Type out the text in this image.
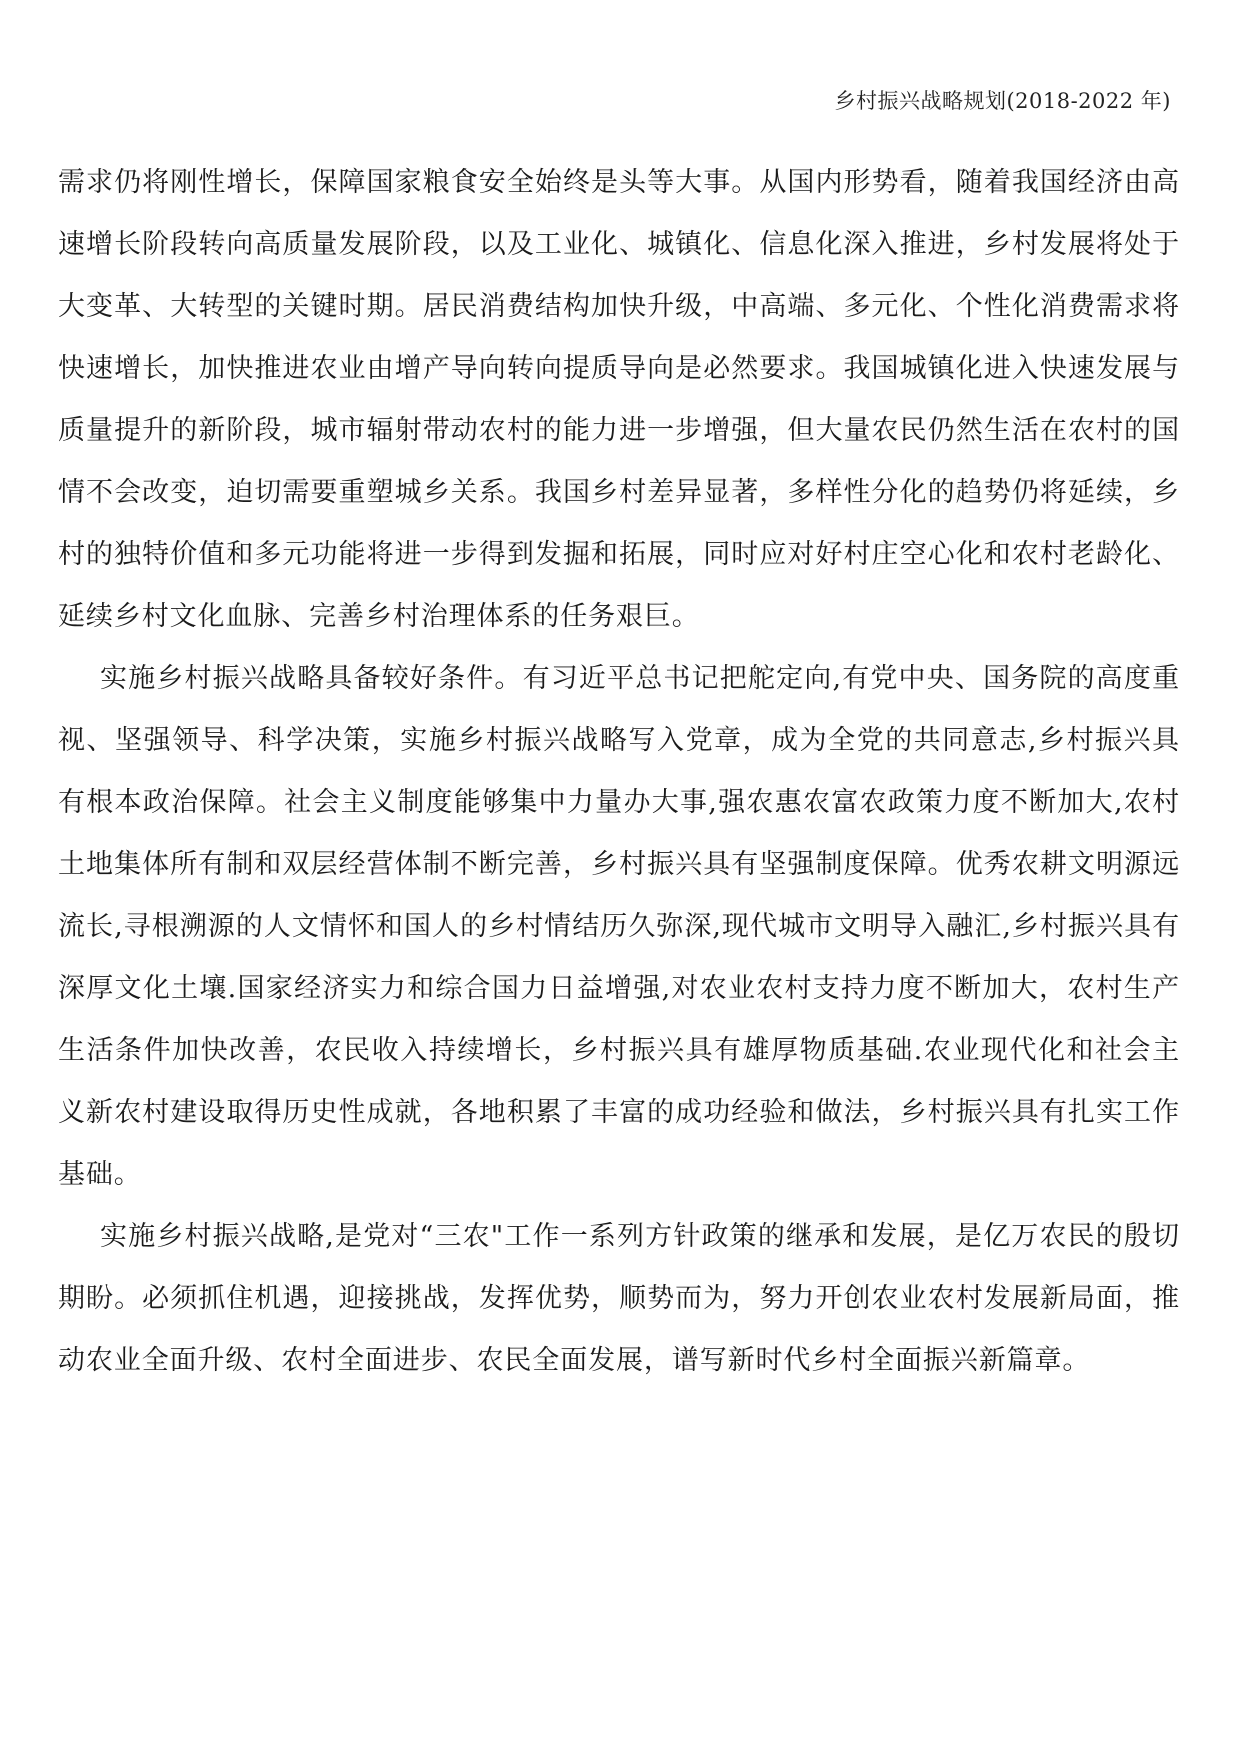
乡村振兴战略规划(2018-2022 年)

需求仍将刚性增长，保障国家粮食安全始终是头等大事。从国内形势看，随着我国经济由高速增长阶段转向高质量发展阶段，以及工业化、城镇化、信息化深入推进，乡村发展将处于大变革、大转型的关键时期。居民消费结构加快升级，中高端、多元化、个性化消费需求将快速增长，加快推进农业由增产导向转向提质导向是必然要求。我国城镇化进入快速发展与质量提升的新阶段，城市辐射带动农村的能力进一步增强，但大量农民仍然生活在农村的国情不会改变，迫切需要重塑城乡关系。我国乡村差异显著，多样性分化的趋势仍将延续，乡村的独特价值和多元功能将进一步得到发掘和拓展，同时应对好村庄空心化和农村老龄化、延续乡村文化血脉、完善乡村治理体系的任务艰巨。

实施乡村振兴战略具备较好条件。有习近平总书记把舵定向,有党中央、国务院的高度重视、坚强领导、科学决策，实施乡村振兴战略写入党章，成为全党的共同意志,乡村振兴具有根本政治保障。社会主义制度能够集中力量办大事,强农惠农富农政策力度不断加大,农村土地集体所有制和双层经营体制不断完善，乡村振兴具有坚强制度保障。优秀农耕文明源远流长,寻根溯源的人文情怀和国人的乡村情结历久弥深,现代城市文明导入融汇,乡村振兴具有深厚文化土壤.国家经济实力和综合国力日益增强,对农业农村支持力度不断加大，农村生产生活条件加快改善，农民收入持续增长，乡村振兴具有雄厚物质基础.农业现代化和社会主义新农村建设取得历史性成就，各地积累了丰富的成功经验和做法，乡村振兴具有扎实工作基础。

实施乡村振兴战略,是党对“三农"工作一系列方针政策的继承和发展，是亿万农民的殷切期盼。必须抓住机遇，迎接挑战，发挥优势，顺势而为，努力开创农业农村发展新局面，推动农业全面升级、农村全面进步、农民全面发展，谱写新时代乡村全面振兴新篇章。
